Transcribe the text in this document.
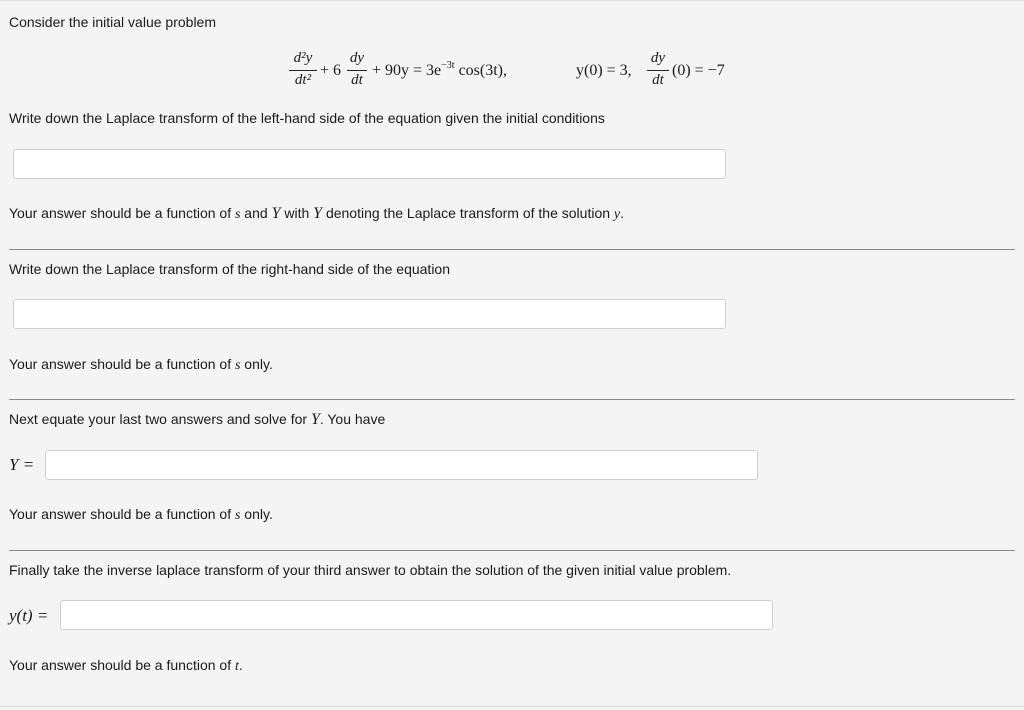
Consider the initial value problem
d²y
dt²
+ 6
dy
dt
+ $90y = 3e^{-3t}$ cos(3t),	y(0) = 3,
dy
dt
(0) = −7
Write down the Laplace transform of the left-hand side of the equation given the initial conditions
Your answer should be a function of s and Y with Y denoting the Laplace transform of the solution y.
Write down the Laplace transform of the right-hand side of the equation
Your answer should be a function of s only.
Next equate your last two answers and solve for Y. You have
Y =
Your answer should be a function of s only.
Finally take the inverse laplace transform of your third answer to obtain the solution of the given initial value problem.
y(t) =
Your answer should be a function of t.
